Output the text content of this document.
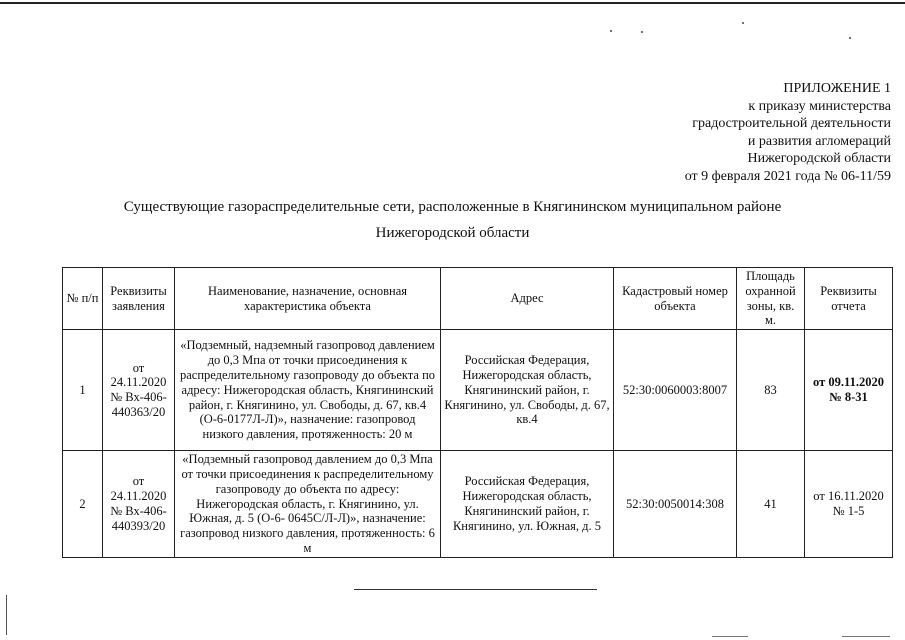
ПРИЛОЖЕНИЕ 1
к приказу министерства
градостроительной деятельности
и развития агломераций
Нижегородской области
от 9 февраля 2021 года № 06-11/59
Существующие газораспределительные сети, расположенные в Княгининском муниципальном районе
Нижегородской области
№ п/п	Реквизиты заявления	Наименование, назначение, основная характеристика объекта	Адрес	Кадастровый номер объекта	Площадь охранной зоны, кв. м.	Реквизиты отчета
1	от 24.11.2020 № Вх-406-440363/20	«Подземный, надземный газопровод давлением до 0,3 Мпа от точки присоединения к распределительному газопроводу до объекта по адресу: Нижегородская область, Княгининский район, г. Княгинино, ул. Свободы, д. 67, кв.4 (О-6-0177Л-Л)», назначение: газопровод низкого давления, протяженность: 20 м	Российская Федерация, Нижегородская область, Княгининский район, г. Княгинино, ул. Свободы, д. 67, кв.4	52:30:0060003:8007	83	от 09.11.2020 № 8-31
2	от 24.11.2020 № Вх-406-440393/20	«Подземный газопровод давлением до 0,3 Мпа от точки присоединения к распределительному газопроводу до объекта по адресу: Нижегородская область, г. Княгинино, ул. Южная, д. 5 (О-6- 0645С/Л-Л)», назначение: газопровод низкого давления, протяженность: 6 м	Российская Федерация, Нижегородская область, Княгининский район, г. Княгинино, ул. Южная, д. 5	52:30:0050014:308	41	от 16.11.2020 № 1-5
